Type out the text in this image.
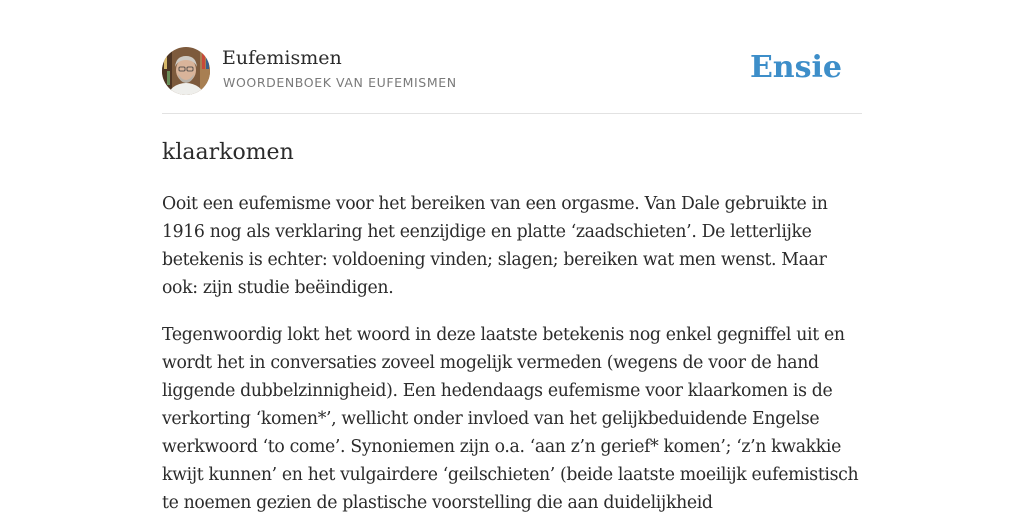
Eufemismen
WOORDENBOEK VAN EUFEMISMEN	Ensie
klaarkomen

Ooit een eufemisme voor het bereiken van een orgasme. Van Dale gebruikte in 1916 nog als verklaring het eenzijdige en platte ‘zaadschieten’. De letterlijke betekenis is echter: voldoening vinden; slagen; bereiken wat men wenst. Maar ook: zijn studie beëindigen.

Tegenwoordig lokt het woord in deze laatste betekenis nog enkel gegniffel uit en wordt het in conversaties zoveel mogelijk vermeden (wegens de voor de hand liggende dubbelzinnigheid). Een hedendaags eufemisme voor klaarkomen is de verkorting ‘komen*’, wellicht onder invloed van het gelijkbeduidende Engelse werkwoord ‘to come’. Synoniemen zijn o.a. ‘aan z’n gerief* komen’; ‘z’n kwakkie kwijt kunnen’ en het vulgairdere ‘geilschieten’ (beide laatste moeilijk eufemistisch te noemen gezien de plastische voorstelling die aan duidelijkheid
